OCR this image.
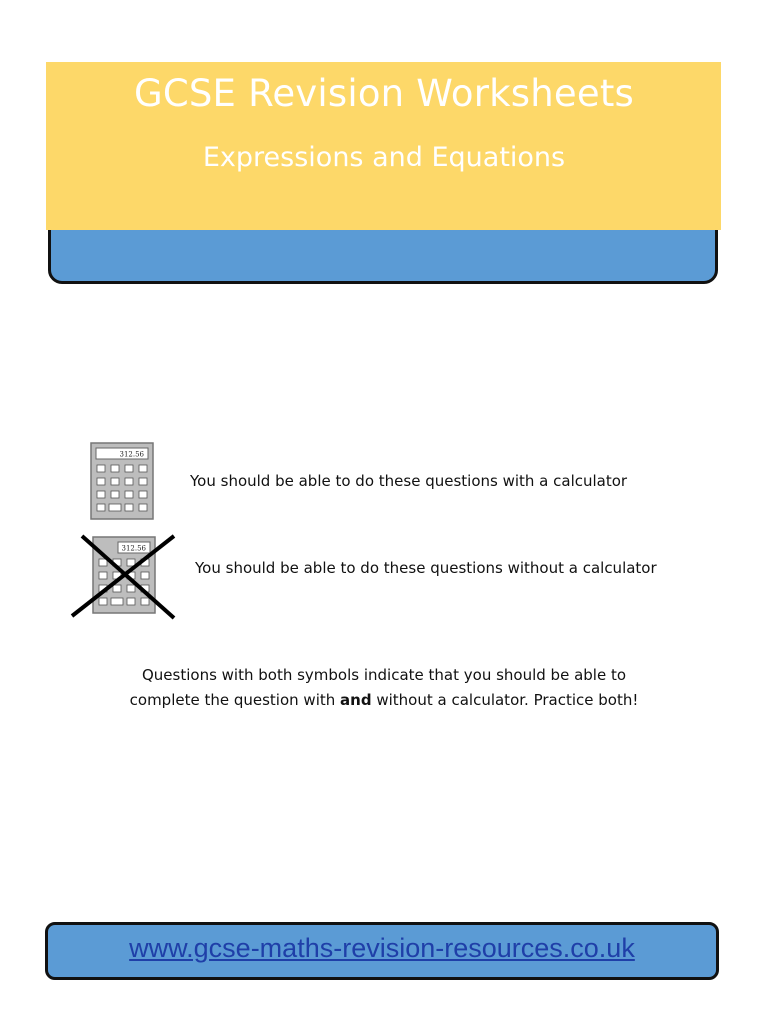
GCSE Revision Worksheets
Expressions and Equations
312.56
You should be able to do these questions with a calculator
312.56
You should be able to do these questions without a calculator
Questions with both symbols indicate that you should be able to
complete the question with and without a calculator. Practice both!
www.gcse-maths-revision-resources.co.uk
